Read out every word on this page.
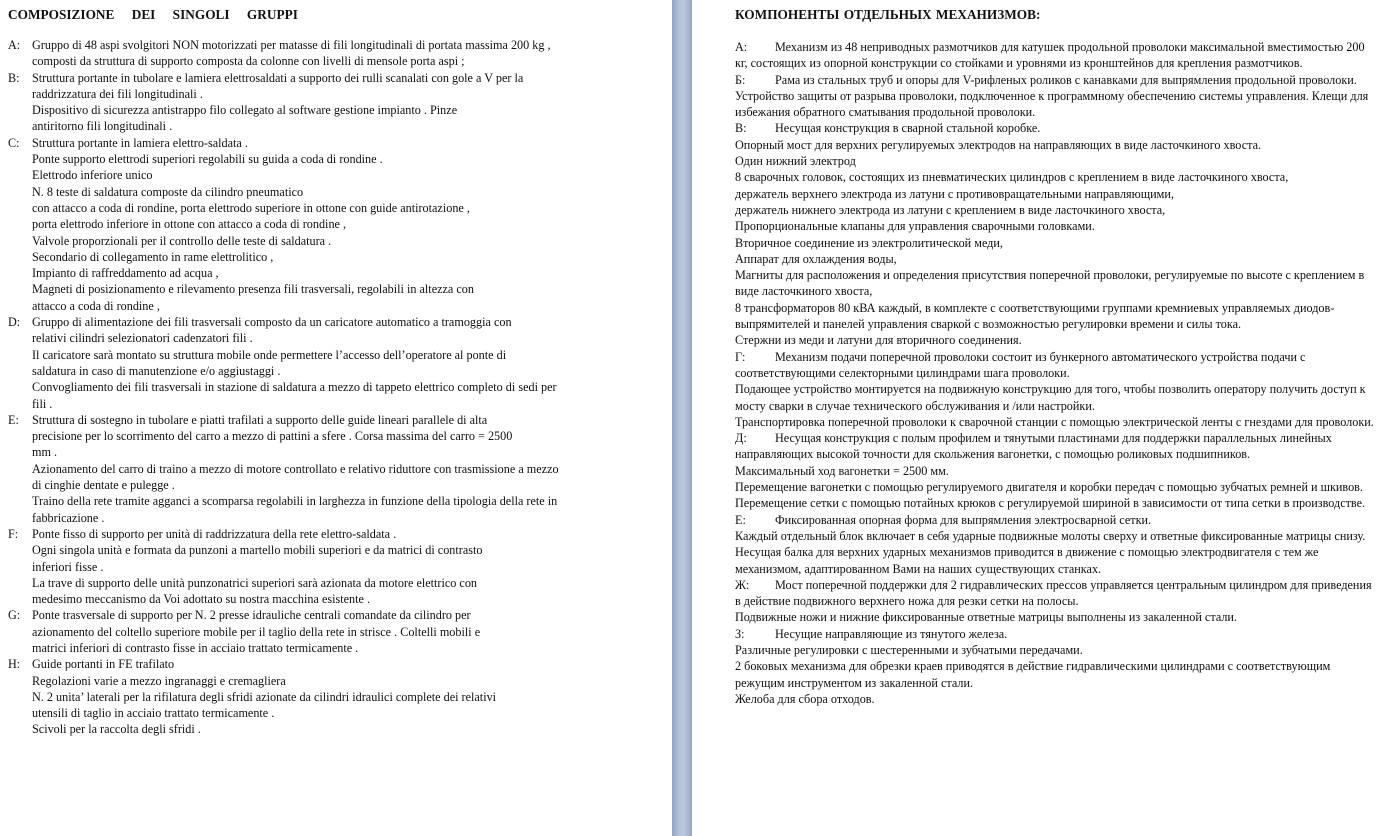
COMPOSIZIONE DEI SINGOLI GRUPPI
A: Gruppo di 48 aspi svolgitori NON motorizzati per matasse di fili longitudinali di portata massima 200 kg ,
composti da struttura di supporto composta da colonne con livelli di mensole porta aspi ;
B: Struttura portante in tubolare e lamiera elettrosaldati a supporto dei rulli scanalati con gole a V per la
raddrizzatura dei fili longitudinali .
Dispositivo di sicurezza antistrappo filo collegato al software gestione impianto . Pinze
antiritorno fili longitudinali .
C: Struttura portante in lamiera elettro-saldata .
Ponte supporto elettrodi superiori regolabili su guida a coda di rondine .
Elettrodo inferiore unico
N. 8 teste di saldatura composte da cilindro pneumatico
con attacco a coda di rondine, porta elettrodo superiore in ottone con guide antirotazione ,
porta elettrodo inferiore in ottone con attacco a coda di rondine ,
Valvole proporzionali per il controllo delle teste di saldatura .
Secondario di collegamento in rame elettrolitico ,
Impianto di raffreddamento ad acqua ,
Magneti di posizionamento e rilevamento presenza fili trasversali, regolabili in altezza con
attacco a coda di rondine ,
D: Gruppo di alimentazione dei fili trasversali composto da un caricatore automatico a tramoggia con
relativi cilindri selezionatori cadenzatori fili .
Il caricatore sarà montato su struttura mobile onde permettere l’accesso dell’operatore al ponte di
saldatura in caso di manutenzione e/o aggiustaggi .
Convogliamento dei fili trasversali in stazione di saldatura a mezzo di tappeto elettrico completo di sedi per
fili .
E: Struttura di sostegno in tubolare e piatti trafilati a supporto delle guide lineari parallele di alta
precisione per lo scorrimento del carro a mezzo di pattini a sfere . Corsa massima del carro = 2500
mm .
Azionamento del carro di traino a mezzo di motore controllato e relativo riduttore con trasmissione a mezzo
di cinghie dentate e pulegge .
Traino della rete tramite agganci a scomparsa regolabili in larghezza in funzione della tipologia della rete in
fabbricazione .
F: Ponte fisso di supporto per unità di raddrizzatura della rete elettro-saldata .
Ogni singola unità e formata da punzoni a martello mobili superiori e da matrici di contrasto
inferiori fisse .
La trave di supporto delle unità punzonatrici superiori sarà azionata da motore elettrico con
medesimo meccanismo da Voi adottato su nostra macchina esistente .
G: Ponte trasversale di supporto per N. 2 presse idrauliche centrali comandate da cilindro per
azionamento del coltello superiore mobile per il taglio della rete in strisce . Coltelli mobili e
matrici inferiori di contrasto fisse in acciaio trattato termicamente .
H: Guide portanti in FE trafilato
Regolazioni varie a mezzo ingranaggi e cremagliera
N. 2 unita’ laterali per la rifilatura degli sfridi azionate da cilindri idraulici complete dei relativi
utensili di taglio in acciaio trattato termicamente .
Scivoli per la raccolta degli sfridi .
КОМПОНЕНТЫ ОТДЕЛЬНЫХ МЕХАНИЗМОВ:
А: Механизм из 48 неприводных размотчиков для катушек продольной проволоки максимальной вместимостью 200 кг, состоящих из опорной конструкции со стойками и уровнями из кронштейнов для крепления размотчиков.
Б: Рама из стальных труб и опоры для V-рифленых роликов с канавками для выпрямления продольной проволоки.
Устройство защиты от разрыва проволоки, подключенное к программному обеспечению системы управления. Клещи для избежания обратного сматывания продольной проволоки.
В: Несущая конструкция в сварной стальной коробке.
Опорный мост для верхних регулируемых электродов на направляющих в виде ласточкиного хвоста.
Один нижний электрод
8 сварочных головок, состоящих из пневматических цилиндров с креплением в виде ласточкиного хвоста,
держатель верхнего электрода из латуни с противовращательными направляющими,
держатель нижнего электрода из латуни с креплением в виде ласточкиного хвоста,
Пропорциональные клапаны для управления сварочными головками.
Вторичное соединение из электролитической меди,
Аппарат для охлаждения воды,
Магниты для расположения и определения присутствия поперечной проволоки, регулируемые по высоте с креплением в виде ласточкиного хвоста,
8 трансформаторов 80 кВА каждый, в комплекте с соответствующими группами кремниевых управляемых диодов-выпрямителей и панелей управления сваркой с возможностью регулировки времени и силы тока.
Стержни из меди и латуни для вторичного соединения.
Г: Механизм подачи поперечной проволоки состоит из бункерного автоматического устройства подачи с соответствующими селекторными цилиндрами шага проволоки.
Подающее устройство монтируется на подвижную конструкцию для того, чтобы позволить оператору получить доступ к мосту сварки в случае технического обслуживания и /или настройки.
Транспортировка поперечной проволоки к сварочной станции с помощью электрической ленты с гнездами для проволоки.
Д: Несущая конструкция с полым профилем и тянутыми пластинами для поддержки параллельных линейных направляющих высокой точности для скольжения вагонетки, с помощью роликовых подшипников.
Максимальный ход вагонетки = 2500 мм.
Перемещение вагонетки с помощью регулируемого двигателя и коробки передач с помощью зубчатых ремней и шкивов.
Перемещение сетки с помощью потайных крюков с регулируемой шириной в зависимости от типа сетки в производстве.
Е: Фиксированная опорная форма для выпрямления электросварной сетки.
Каждый отдельный блок включает в себя ударные подвижные молоты сверху и ответные фиксированные матрицы снизу.
Несущая балка для верхних ударных механизмов приводится в движение с помощью электродвигателя с тем же механизмом, адаптированном Вами на наших существующих станках.
Ж: Мост поперечной поддержки для 2 гидравлических прессов управляется центральным цилиндром для приведения в действие подвижного верхнего ножа для резки сетки на полосы.
Подвижные ножи и нижние фиксированные ответные матрицы выполнены из закаленной стали.
З:	Несущие направляющие из тянутого железа.
Различные регулировки с шестеренными и зубчатыми передачами.
2 боковых механизма для обрезки краев приводятся в действие гидравлическими цилиндрами с соответствующим режущим инструментом из закаленной стали.
Желоба для сбора отходов.
